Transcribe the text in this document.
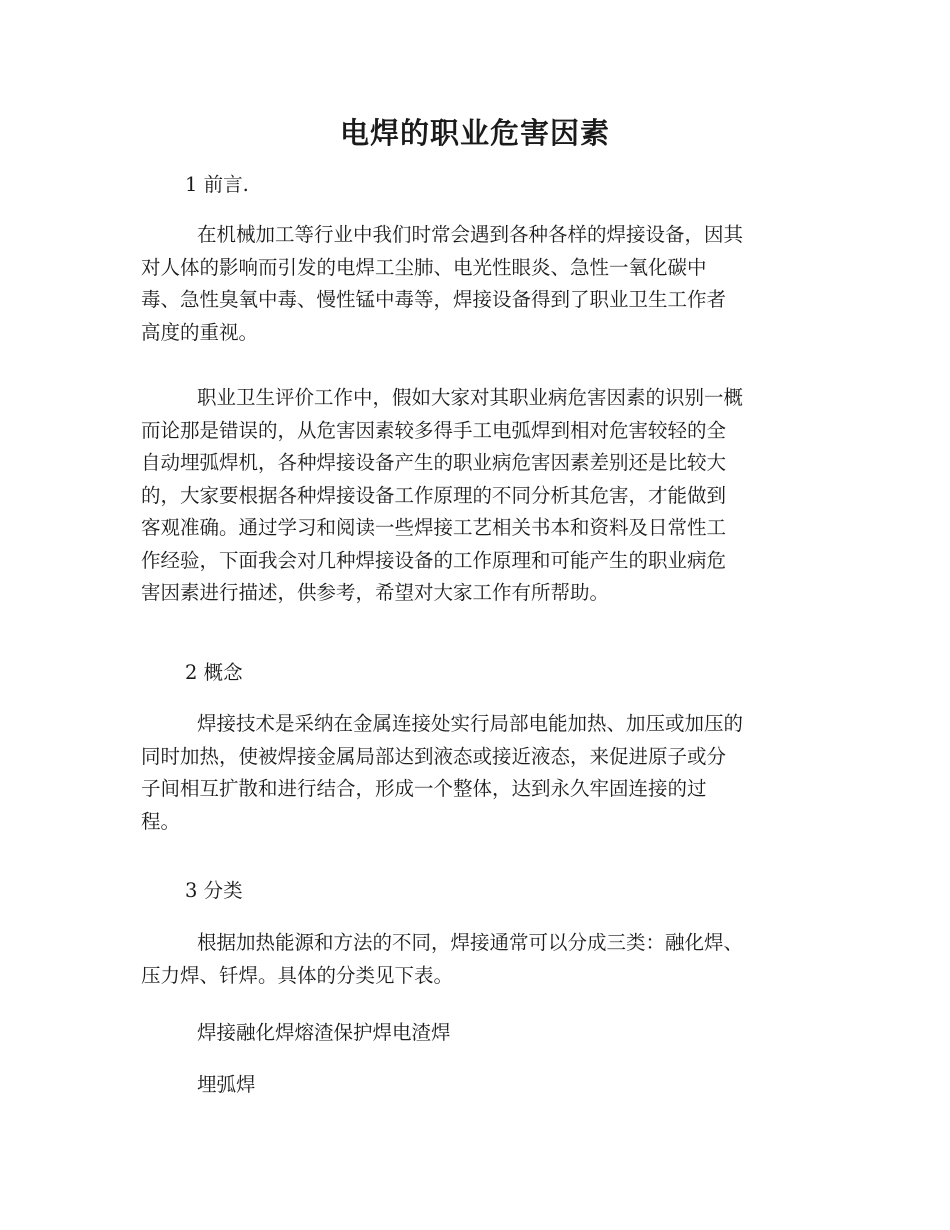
电焊的职业危害因素

1 前言.

在机械加工等行业中我们时常会遇到各种各样的焊接设备，因其
对人体的影响而引发的电焊工尘肺、电光性眼炎、急性一氧化碳中
毒、急性臭氧中毒、慢性锰中毒等，焊接设备得到了职业卫生工作者
高度的重视。
职业卫生评价工作中，假如大家对其职业病危害因素的识别一概
而论那是错误的，从危害因素较多得手工电弧焊到相对危害较轻的全
自动埋弧焊机，各种焊接设备产生的职业病危害因素差别还是比较大
的，大家要根据各种焊接设备工作原理的不同分析其危害，才能做到
客观准确。通过学习和阅读一些焊接工艺相关书本和资料及日常性工
作经验，下面我会对几种焊接设备的工作原理和可能产生的职业病危
害因素进行描述，供参考，希望对大家工作有所帮助。

2 概念

焊接技术是采纳在金属连接处实行局部电能加热、加压或加压的
同时加热，使被焊接金属局部达到液态或接近液态，来促进原子或分
子间相互扩散和进行结合，形成一个整体，达到永久牢固连接的过
程。

3 分类

根据加热能源和方法的不同，焊接通常可以分成三类：融化焊、
压力焊、钎焊。具体的分类见下表。

焊接融化焊熔渣保护焊电渣焊

埋弧焊
